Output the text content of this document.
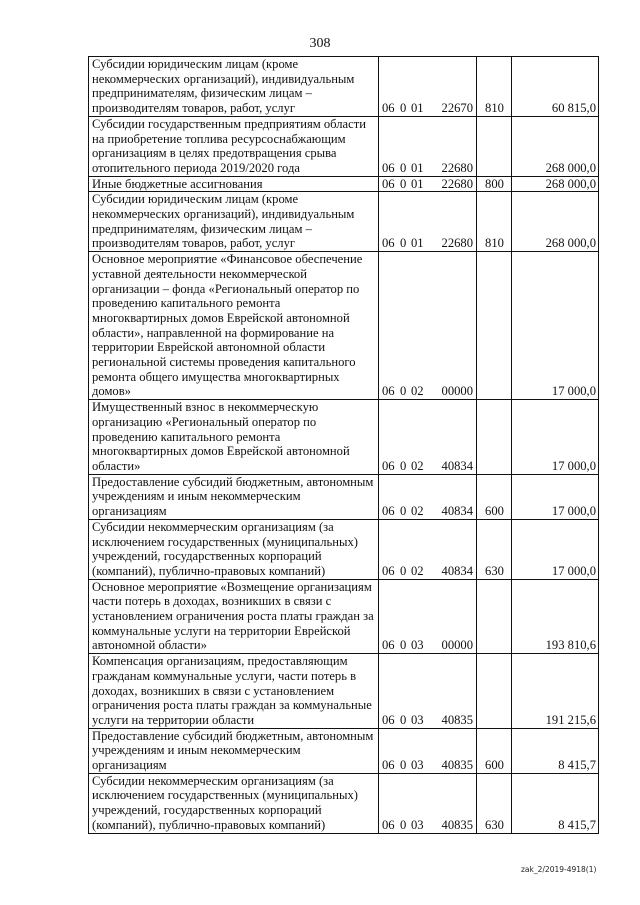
308
Субсидии юридическим лицам (кроме некоммерческих организаций), индивидуальным предпринимателям, физическим лицам – производителям товаров, работ, услуг	06 0 01 22670	810	60 815,0
Субсидии государственным предприятиям области на приобретение топлива ресурсоснабжающим организациям в целях предотвращения срыва отопительного периода 2019/2020 года	06 0 01 22680		268 000,0
Иные бюджетные ассигнования	06 0 01 22680	800	268 000,0
Субсидии юридическим лицам (кроме некоммерческих организаций), индивидуальным предпринимателям, физическим лицам – производителям товаров, работ, услуг	06 0 01 22680	810	268 000,0
Основное мероприятие «Финансовое обеспечение уставной деятельности некоммерческой организации – фонда «Региональный оператор по проведению капитального ремонта многоквартирных домов Еврейской автономной области», направленной на формирование на территории Еврейской автономной области региональной системы проведения капитального ремонта общего имущества многоквартирных домов»	06 0 02 00000		17 000,0
Имущественный взнос в некоммерческую организацию «Региональный оператор по проведению капитального ремонта многоквартирных домов Еврейской автономной области»	06 0 02 40834		17 000,0
Предоставление субсидий бюджетным, автономным учреждениям и иным некоммерческим организациям	06 0 02 40834	600	17 000,0
Субсидии некоммерческим организациям (за исключением государственных (муниципальных) учреждений, государственных корпораций (компаний), публично-правовых компаний)	06 0 02 40834	630	17 000,0
Основное мероприятие «Возмещение организациям части потерь в доходах, возникших в связи с установлением ограничения роста платы граждан за коммунальные услуги на территории Еврейской автономной области»	06 0 03 00000		193 810,6
Компенсация организациям, предоставляющим гражданам коммунальные услуги, части потерь в доходах, возникших в связи с установлением ограничения роста платы граждан за коммунальные услуги на территории области	06 0 03 40835		191 215,6
Предоставление субсидий бюджетным, автономным учреждениям и иным некоммерческим организациям	06 0 03 40835	600	8 415,7
Субсидии некоммерческим организациям (за исключением государственных (муниципальных) учреждений, государственных корпораций (компаний), публично-правовых компаний)	06 0 03 40835	630	8 415,7
zak_2/2019-4918(1)
